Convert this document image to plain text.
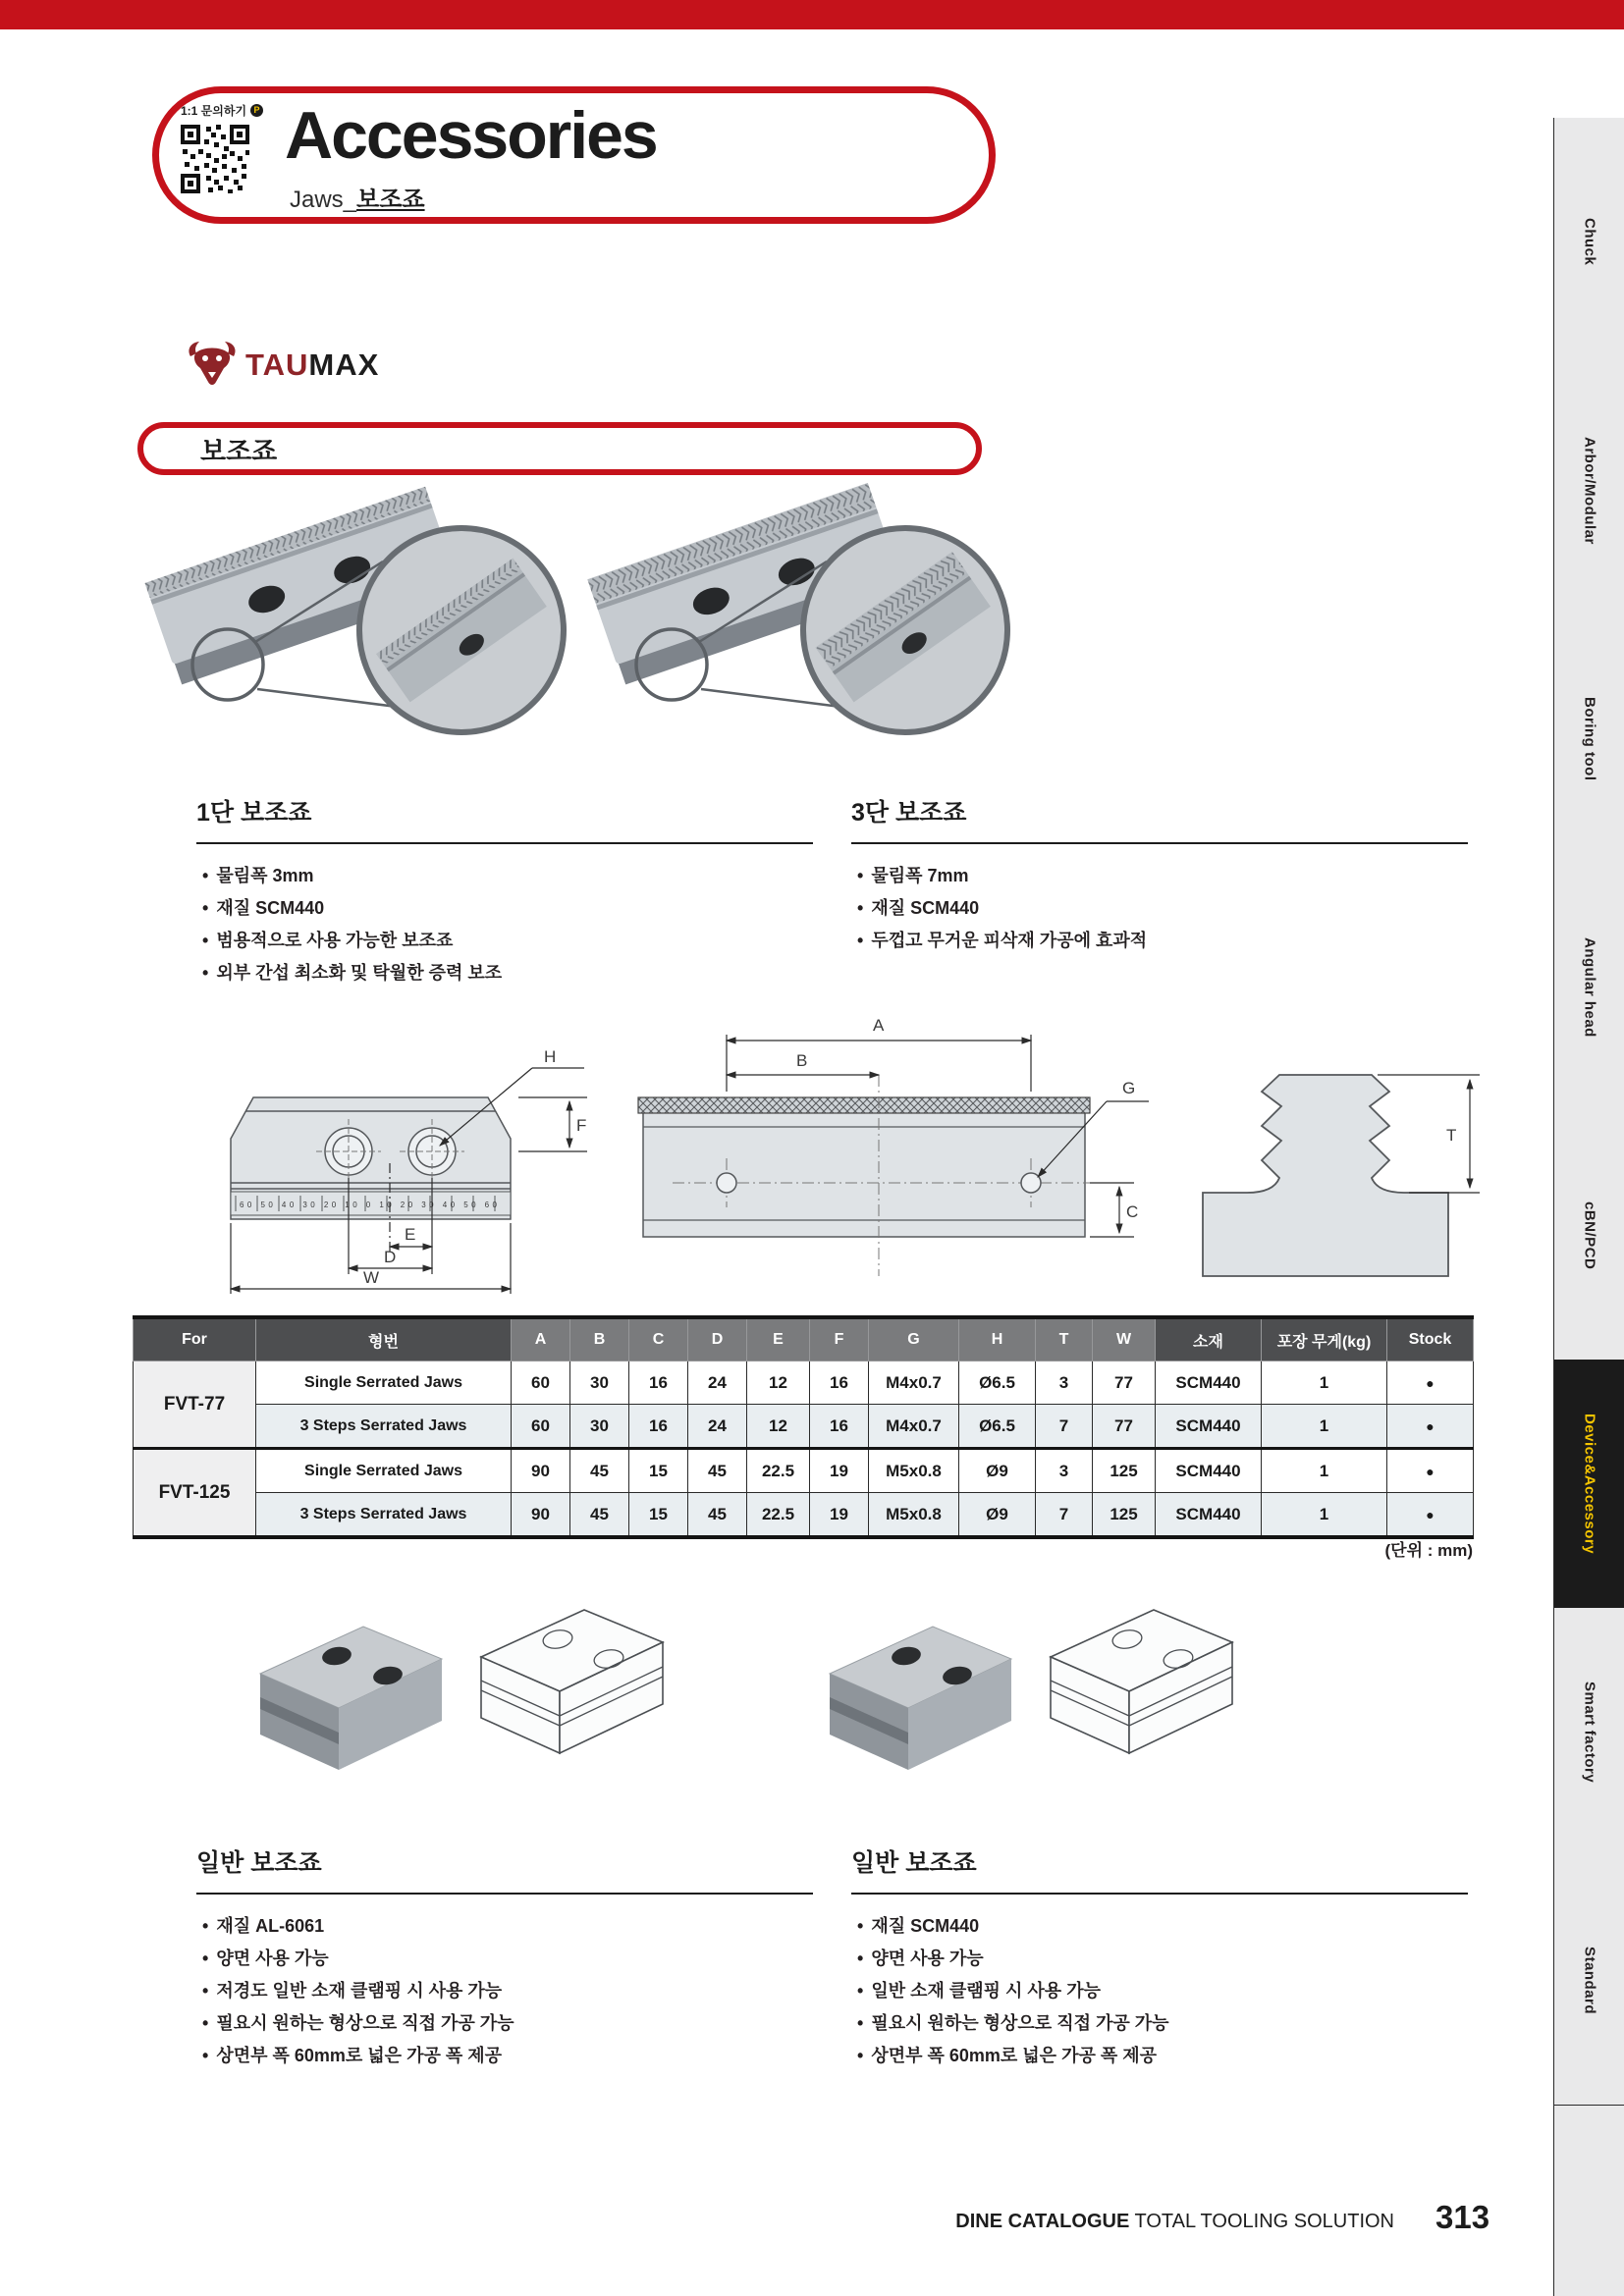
1:1 문의하기 P Accessories
Jaws_보조죠
TAUMAX
보조죠
1단 보조죠
• 물림폭 3mm
• 재질 SCM440
• 범용적으로 사용 가능한 보조죠
• 외부 간섭 최소화 및 탁월한 증력 보조
3단 보조죠
• 물림폭 7mm
• 재질 SCM440
• 두껍고 무거운 피삭재 가공에 효과적
60 50 40 30 20 10 0 10 20 30 40 50 60
H
F
E
D
W
A
B
G
C
T
For	형번	A	B	C	D	E	F	G	H	T	W	소재	포장 무게(kg)	Stock
FVT-77	Single Serrated Jaws	60	30	16	24	12	16	M4x0.7	Ø6.5	3	77	SCM440	1	●
	3 Steps Serrated Jaws	60	30	16	24	12	16	M4x0.7	Ø6.5	7	77	SCM440	1	●
FVT-125	Single Serrated Jaws	90	45	15	45	22.5	19	M5x0.8	Ø9	3	125	SCM440	1	●
	3 Steps Serrated Jaws	90	45	15	45	22.5	19	M5x0.8	Ø9	7	125	SCM440	1	●
(단위 : mm)
일반 보조죠
• 재질 AL-6061
• 양면 사용 가능
• 저경도 일반 소재 클램핑 시 사용 가능
• 필요시 원하는 형상으로 직접 가공 가능
• 상면부 폭 60mm로 넓은 가공 폭 제공
일반 보조죠
• 재질 SCM440
• 양면 사용 가능
• 일반 소재 클램핑 시 사용 가능
• 필요시 원하는 형상으로 직접 가공 가능
• 상면부 폭 60mm로 넓은 가공 폭 제공
DINE CATALOGUE TOTAL TOOLING SOLUTION 313
Chuck
Arbor/Modular
Boring tool
Angular head
cBN/PCD
Device&Accessory
Smart factory
Standard
